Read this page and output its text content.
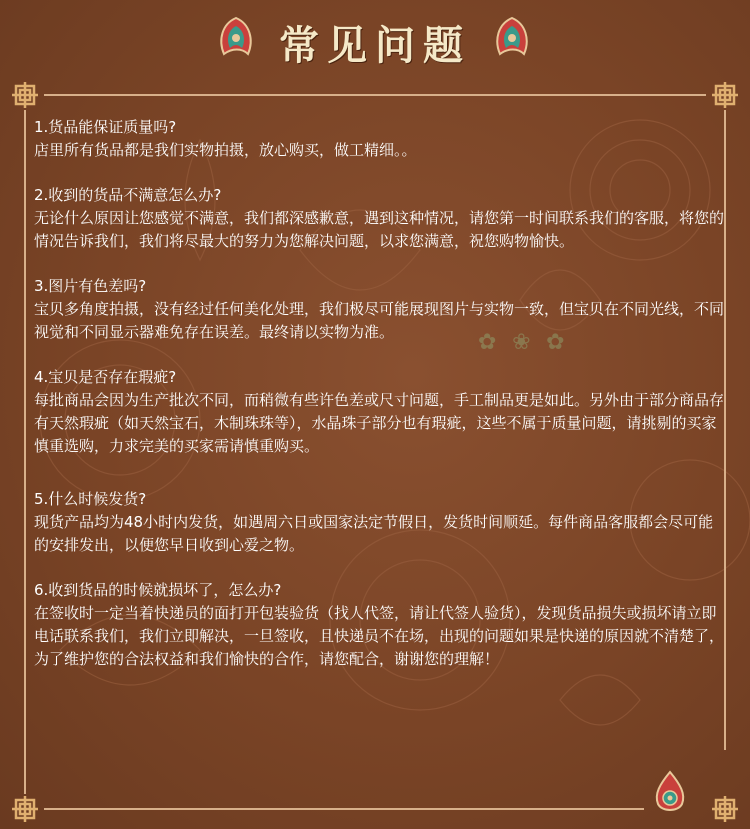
常见问题
✿ ❀ ✿
1.货品能保证质量吗?
店里所有货品都是我们实物拍摄，放心购买，做工精细。。
2.收到的货品不满意怎么办?
无论什么原因让您感觉不满意，我们都深感歉意，遇到这种情况，请您第一时间联系我们的客服，将您的情况告诉我们，我们将尽最大的努力为您解决问题，以求您满意，祝您购物愉快。
3.图片有色差吗?
宝贝多角度拍摄，没有经过任何美化处理，我们极尽可能展现图片与实物一致，但宝贝在不同光线，不同视觉和不同显示器难免存在误差。最终请以实物为准。
4.宝贝是否存在瑕疵?
每批商品会因为生产批次不同，而稍微有些许色差或尺寸问题，手工制品更是如此。另外由于部分商品存有天然瑕疵（如天然宝石，木制珠珠等），水晶珠子部分也有瑕疵，这些不属于质量问题，请挑剔的买家慎重选购，力求完美的买家需请慎重购买。
5.什么时候发货?
现货产品均为48小时内发货，如遇周六日或国家法定节假日，发货时间顺延。每件商品客服都会尽可能的安排发出，以便您早日收到心爱之物。
6.收到货品的时候就损坏了，怎么办?
在签收时一定当着快递员的面打开包装验货（找人代签，请让代签人验货），发现货品损失或损坏请立即电话联系我们，我们立即解决，一旦签收，且快递员不在场，出现的问题如果是快递的原因就不清楚了，为了维护您的合法权益和我们愉快的合作，请您配合，谢谢您的理解！
